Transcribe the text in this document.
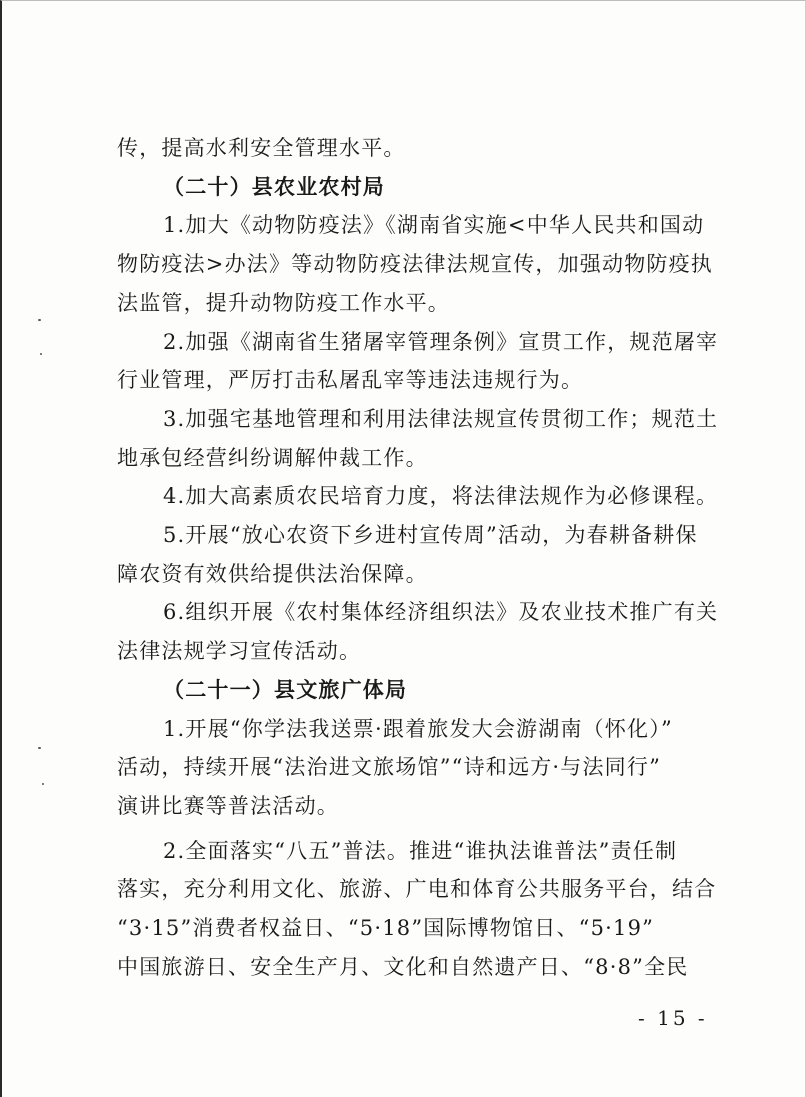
传，提高水利安全管理水平。
（二十）县农业农村局
1.加大《动物防疫法》《湖南省实施<中华人民共和国动
物防疫法>办法》等动物防疫法律法规宣传，加强动物防疫执
法监管，提升动物防疫工作水平。
2.加强《湖南省生猪屠宰管理条例》宣贯工作，规范屠宰
行业管理，严厉打击私屠乱宰等违法违规行为。
3.加强宅基地管理和利用法律法规宣传贯彻工作；规范土
地承包经营纠纷调解仲裁工作。
4.加大高素质农民培育力度，将法律法规作为必修课程。
5.开展“放心农资下乡进村宣传周”活动，为春耕备耕保
障农资有效供给提供法治保障。
6.组织开展《农村集体经济组织法》及农业技术推广有关
法律法规学习宣传活动。
（二十一）县文旅广体局
1.开展“你学法我送票·跟着旅发大会游湖南（怀化）”
活动，持续开展“法治进文旅场馆”“诗和远方·与法同行”
演讲比赛等普法活动。
2.全面落实“八五”普法。推进“谁执法谁普法”责任制
落实，充分利用文化、旅游、广电和体育公共服务平台，结合
“3·15”消费者权益日、“5·18”国际博物馆日、“5·19”
中国旅游日、安全生产月、文化和自然遗产日、“8·8”全民
- 15 -
